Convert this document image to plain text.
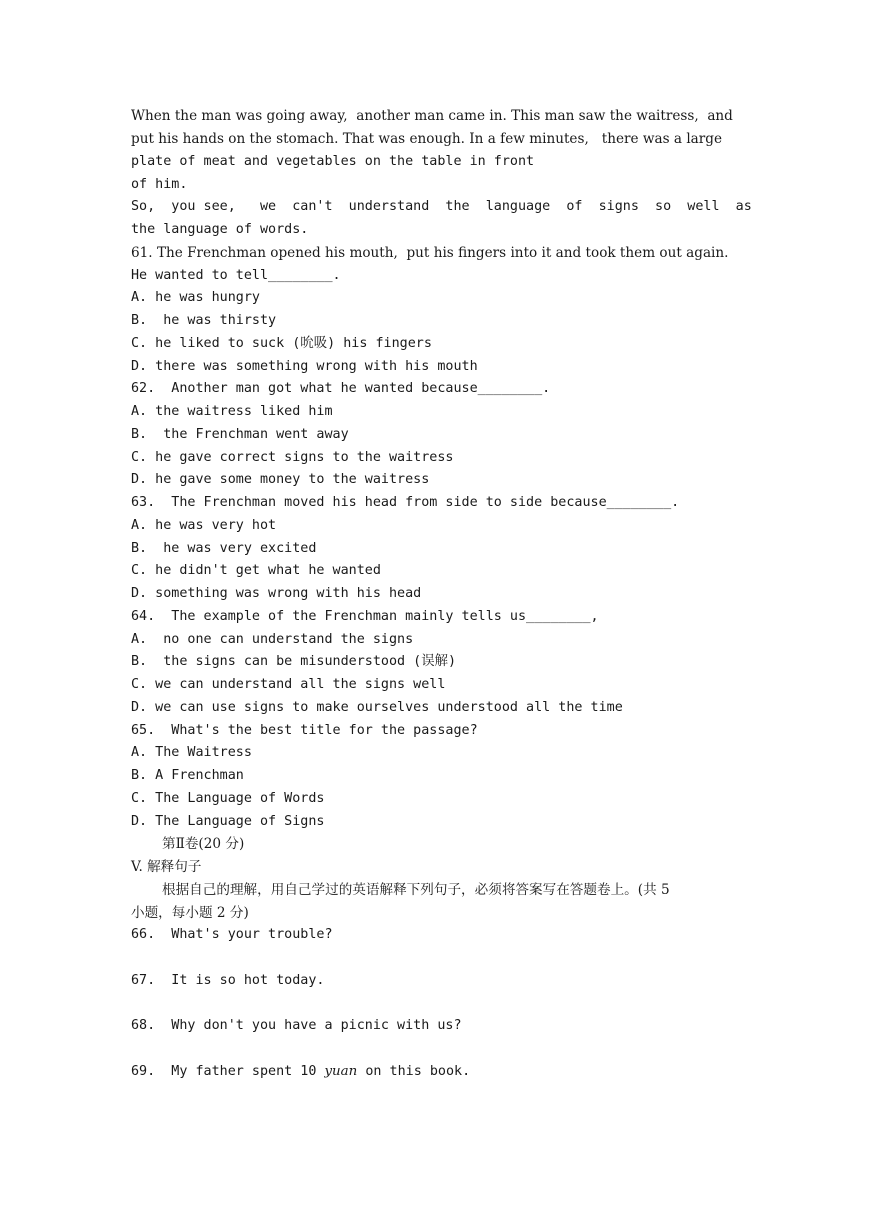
When the man was going away,  another man came in. This man saw the waitress,  and
put his hands on the stomach. That was enough. In a few minutes,   there was a large
plate of meat and vegetables on the table in front
of him.
So,  you see,   we  can't  understand  the  language  of  signs  so  well  as
the language of words.
61. The Frenchman opened his mouth,  put his fingers into it and took them out again.
He wanted to tell________.
A. he was hungry
B.  he was thirsty
C. he liked to suck (吮吸) his fingers
D. there was something wrong with his mouth
62.  Another man got what he wanted because________.
A. the waitress liked him
B.  the Frenchman went away
C. he gave correct signs to the waitress
D. he gave some money to the waitress
63.  The Frenchman moved his head from side to side because________.
A. he was very hot
B.  he was very excited
C. he didn't get what he wanted
D. something was wrong with his head
64.  The example of the Frenchman mainly tells us________,
A.  no one can understand the signs
B.  the signs can be misunderstood (误解)
C. we can understand all the signs well
D. we can use signs to make ourselves understood all the time
65.  What's the best title for the passage?
A. The Waitress
B. A Frenchman
C. The Language of Words
D. The Language of Signs
第Ⅱ卷(20 分)
V. 解释句子
根据自己的理解，用自己学过的英语解释下列句子，必须将答案写在答题卷上。(共 5
小题，每小题 2 分)
66.  What's your trouble?
67.  It is so hot today.
68.  Why don't you have a picnic with us?
69.  My father spent 10 yuan on this book.
